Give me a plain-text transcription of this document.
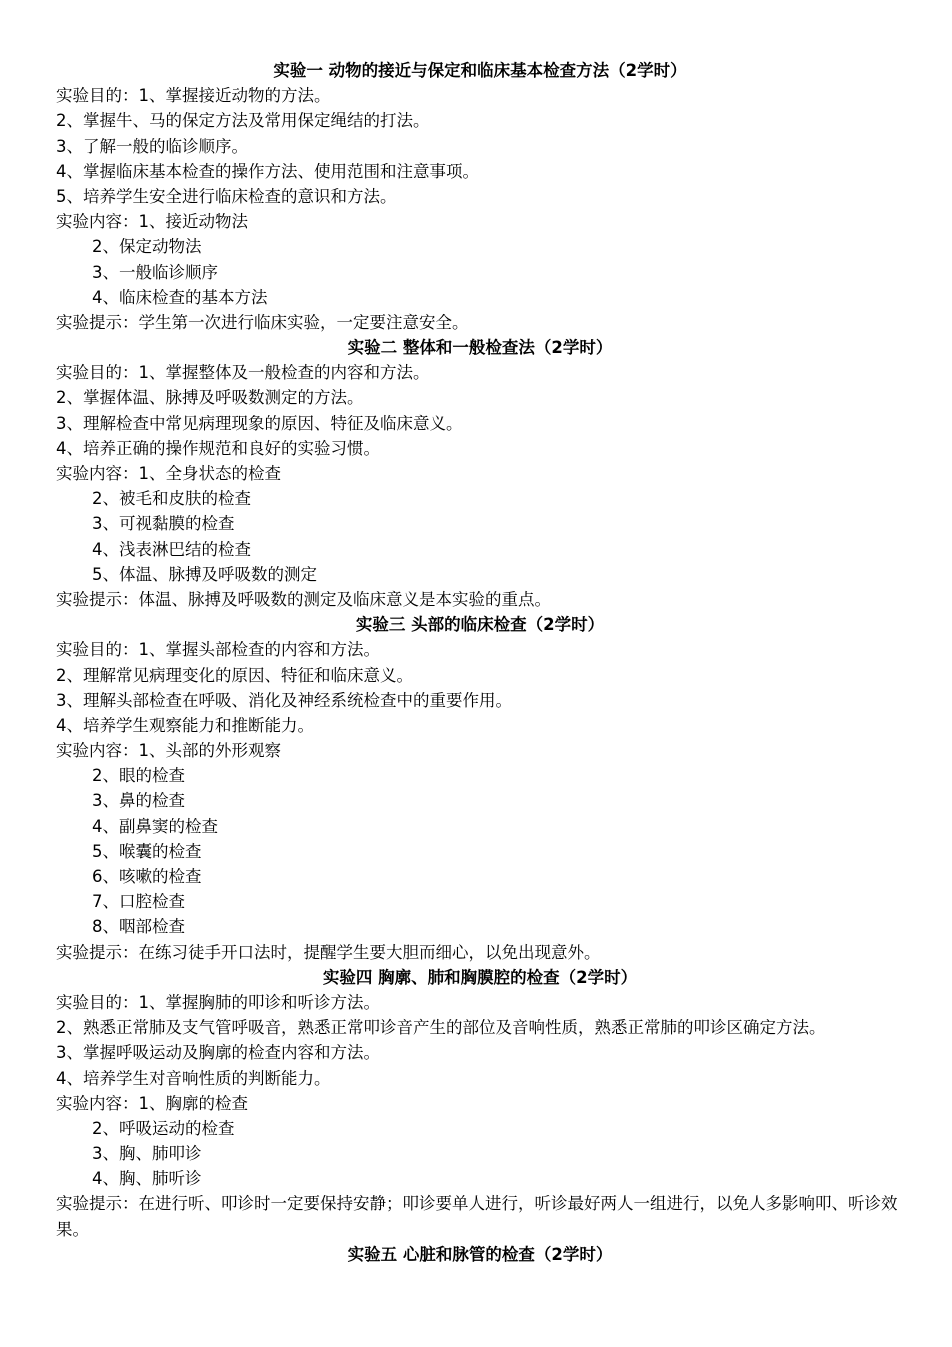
实验一 动物的接近与保定和临床基本检查方法（2学时）
实验目的：1、掌握接近动物的方法。
2、掌握牛、马的保定方法及常用保定绳结的打法。
3、了解一般的临诊顺序。
4、掌握临床基本检查的操作方法、使用范围和注意事项。
5、培养学生安全进行临床检查的意识和方法。
实验内容：1、接近动物法
2、保定动物法
3、一般临诊顺序
4、临床检查的基本方法
实验提示：学生第一次进行临床实验，一定要注意安全。
实验二 整体和一般检查法（2学时）
实验目的：1、掌握整体及一般检查的内容和方法。
2、掌握体温、脉搏及呼吸数测定的方法。
3、理解检查中常见病理现象的原因、特征及临床意义。
4、培养正确的操作规范和良好的实验习惯。
实验内容：1、全身状态的检查
2、被毛和皮肤的检查
3、可视黏膜的检查
4、浅表淋巴结的检查
5、体温、脉搏及呼吸数的测定
实验提示：体温、脉搏及呼吸数的测定及临床意义是本实验的重点。
实验三 头部的临床检查（2学时）
实验目的：1、掌握头部检查的内容和方法。
2、理解常见病理变化的原因、特征和临床意义。
3、理解头部检查在呼吸、消化及神经系统检查中的重要作用。
4、培养学生观察能力和推断能力。
实验内容：1、头部的外形观察
2、眼的检查
3、鼻的检查
4、副鼻窦的检查
5、喉囊的检查
6、咳嗽的检查
7、口腔检查
8、咽部检查
实验提示：在练习徒手开口法时，提醒学生要大胆而细心，以免出现意外。
实验四 胸廓、肺和胸膜腔的检查（2学时）
实验目的：1、掌握胸肺的叩诊和听诊方法。
2、熟悉正常肺及支气管呼吸音，熟悉正常叩诊音产生的部位及音响性质，熟悉正常肺的叩诊区确定方法。
3、掌握呼吸运动及胸廓的检查内容和方法。
4、培养学生对音响性质的判断能力。
实验内容：1、胸廓的检查
2、呼吸运动的检查
3、胸、肺叩诊
4、胸、肺听诊
实验提示：在进行听、叩诊时一定要保持安静；叩诊要单人进行，听诊最好两人一组进行，以免人多影响叩、听诊效果。
实验五 心脏和脉管的检查（2学时）
